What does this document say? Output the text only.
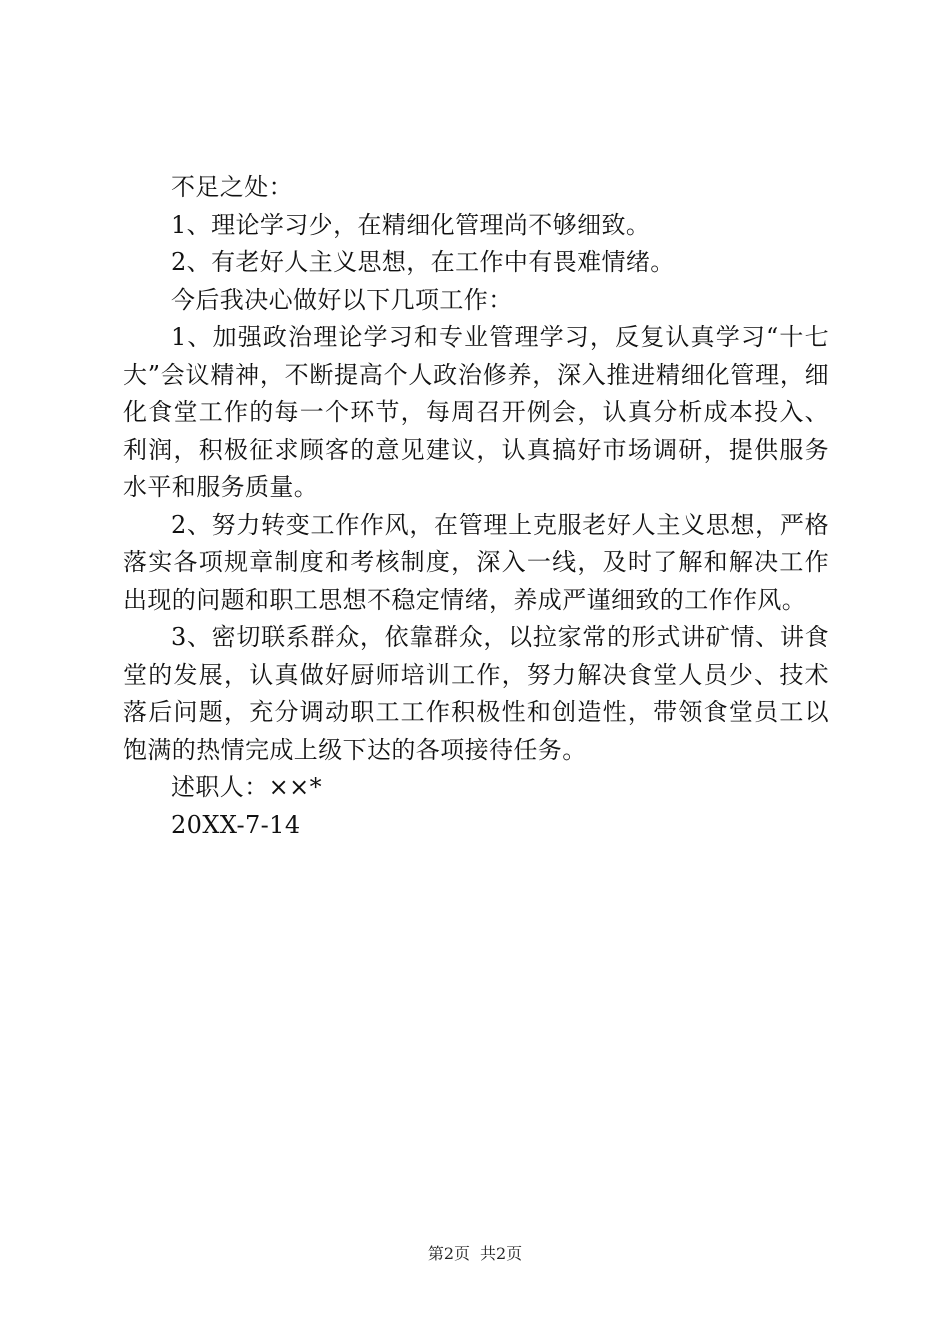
不足之处：

1、理论学习少，在精细化管理尚不够细致。

2、有老好人主义思想，在工作中有畏难情绪。

今后我决心做好以下几项工作：

1、加强政治理论学习和专业管理学习，反复认真学习“十七大”会议精神，不断提高个人政治修养，深入推进精细化管理，细化食堂工作的每一个环节，每周召开例会，认真分析成本投入、利润，积极征求顾客的意见建议，认真搞好市场调研，提供服务水平和服务质量。

2、努力转变工作作风，在管理上克服老好人主义思想，严格落实各项规章制度和考核制度，深入一线，及时了解和解决工作出现的问题和职工思想不稳定情绪，养成严谨细致的工作作风。

3、密切联系群众，依靠群众，以拉家常的形式讲矿情、讲食堂的发展，认真做好厨师培训工作，努力解决食堂人员少、技术落后问题，充分调动职工工作积极性和创造性，带领食堂员工以饱满的热情完成上级下达的各项接待任务。

述职人：××*

20XX-7-14

第2页 共2页
